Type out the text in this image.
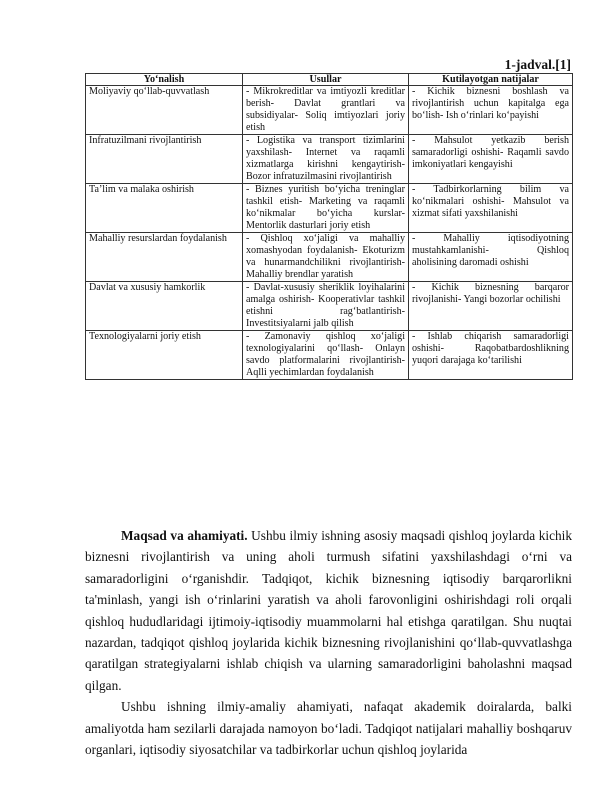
1-jadval.[1]
Yo‘nalish	Usullar	Kutilayotgan natijalar
Moliyaviy qo‘llab-quvvatlash	- Mikrokreditlar va imtiyozli kreditlar berish- Davlat grantlari va subsidiyalar- Soliq imtiyozlari joriy etish	- Kichik biznesni boshlash va rivojlantirish uchun kapitalga ega bo‘lish- Ish o‘rinlari ko‘payishi
Infratuzilmani rivojlantirish	- Logistika va transport tizimlarini yaxshilash- Internet va raqamli xizmatlarga kirishni kengaytirish- Bozor infratuzilmasini rivojlantirish	- Mahsulot yetkazib berish samaradorligi oshishi- Raqamli savdo imkoniyatlari kengayishi
Ta’lim va malaka oshirish	- Biznes yuritish bo‘yicha treninglar tashkil etish- Marketing va raqamli ko‘nikmalar bo‘yicha kurslar- Mentorlik dasturlari joriy etish	- Tadbirkorlarning bilim va ko‘nikmalari oshishi- Mahsulot va xizmat sifati yaxshilanishi
Mahalliy resurslardan foydalanish	- Qishloq xo‘jaligi va mahalliy xomashyodan foydalanish- Ekoturizm va hunarmandchilikni rivojlantirish- Mahalliy brendlar yaratish	- Mahalliy iqtisodiyotning mustahkamlanishi- Qishloq aholisining daromadi oshishi
Davlat va xususiy hamkorlik	- Davlat-xususiy sheriklik loyihalarini amalga oshirish- Kooperativlar tashkil etishni rag‘batlantirish- Investitsiyalarni jalb qilish	- Kichik biznesning barqaror rivojlanishi- Yangi bozorlar ochilishi
Texnologiyalarni joriy etish	- Zamonaviy qishloq xo‘jaligi texnologiyalarini qo‘llash- Onlayn savdo platformalarini rivojlantirish- Aqlli yechimlardan foydalanish	- Ishlab chiqarish samaradorligi oshishi- Raqobatbardoshlikning yuqori darajaga ko‘tarilishi

Maqsad va ahamiyati. Ushbu ilmiy ishning asosiy maqsadi qishloq joylarda kichik biznesni rivojlantirish va uning aholi turmush sifatini yaxshilashdagi o‘rni va samaradorligini o‘rganishdir. Tadqiqot, kichik biznesning iqtisodiy barqarorlikni ta'minlash, yangi ish o‘rinlarini yaratish va aholi farovonligini oshirishdagi roli orqali qishloq hududlaridagi ijtimoiy-iqtisodiy muammolarni hal etishga qaratilgan. Shu nuqtai nazardan, tadqiqot qishloq joylarida kichik biznesning rivojlanishini qo‘llab-quvvatlashga qaratilgan strategiyalarni ishlab chiqish va ularning samaradorligini baholashni maqsad qilgan.

Ushbu ishning ilmiy-amaliy ahamiyati, nafaqat akademik doiralarda, balki amaliyotda ham sezilarli darajada namoyon bo‘ladi. Tadqiqot natijalari mahalliy boshqaruv organlari, iqtisodiy siyosatchilar va tadbirkorlar uchun qishloq joylarida
